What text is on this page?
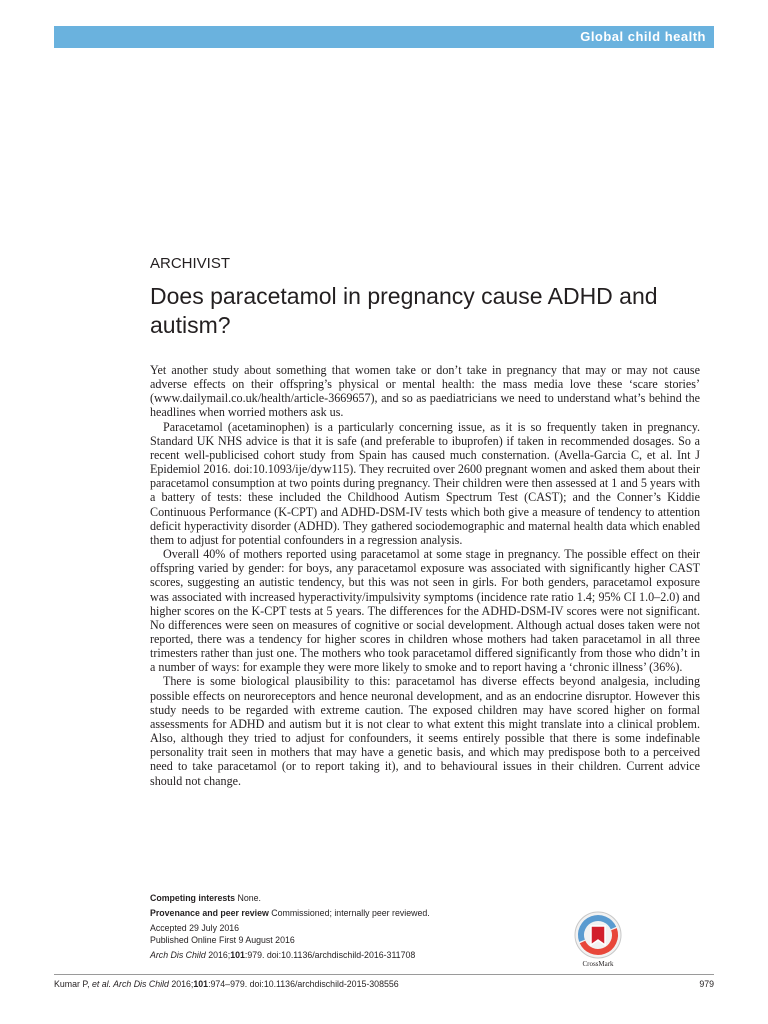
Global child health
ARCHIVIST
Does paracetamol in pregnancy cause ADHD and autism?

Yet another study about something that women take or don’t take in pregnancy that may or may not cause adverse effects on their offspring’s physical or mental health: the mass media love these ‘scare stories’ (www.dailymail.co.uk/health/article-3669657), and so as paediatricians we need to understand what’s behind the headlines when worried mothers ask us.

Paracetamol (acetaminophen) is a particularly concerning issue, as it is so frequently taken in pregnancy. Standard UK NHS advice is that it is safe (and preferable to ibuprofen) if taken in recommended dosages. So a recent well-publicised cohort study from Spain has caused much consternation. (Avella-Garcia C, et al. Int J Epidemiol 2016. doi:10.1093/ije/dyw115). They recruited over 2600 pregnant women and asked them about their paracetamol consumption at two points during pregnancy. Their children were then assessed at 1 and 5 years with a battery of tests: these included the Childhood Autism Spectrum Test (CAST); and the Conner’s Kiddie Continuous Performance (K-CPT) and ADHD-DSM-IV tests which both give a measure of tendency to attention deficit hyperactivity disorder (ADHD). They gathered sociodemographic and maternal health data which enabled them to adjust for potential confounders in a regression analysis.

Overall 40% of mothers reported using paracetamol at some stage in pregnancy. The possible effect on their offspring varied by gender: for boys, any paracetamol exposure was associated with significantly higher CAST scores, suggesting an autistic tendency, but this was not seen in girls. For both genders, paracetamol exposure was associated with increased hyperactivity/impulsivity symptoms (incidence rate ratio 1.4; 95% CI 1.0–2.0) and higher scores on the K-CPT tests at 5 years. The differences for the ADHD-DSM-IV scores were not significant. No differences were seen on measures of cognitive or social development. Although actual doses taken were not reported, there was a tendency for higher scores in children whose mothers had taken paracetamol in all three trimesters rather than just one. The mothers who took paracetamol differed significantly from those who didn’t in a number of ways: for example they were more likely to smoke and to report having a ‘chronic illness’ (36%).

There is some biological plausibility to this: paracetamol has diverse effects beyond analgesia, including possible effects on neuroreceptors and hence neuronal development, and as an endocrine disruptor. However this study needs to be regarded with extreme caution. The exposed children may have scored higher on formal assessments for ADHD and autism but it is not clear to what extent this might translate into a clinical problem. Also, although they tried to adjust for confounders, it seems entirely possible that there is some indefinable personality trait seen in mothers that may have a genetic basis, and which may predispose both to a perceived need to take paracetamol (or to report taking it), and to behavioural issues in their children. Current advice should not change.

Competing interests None.
Provenance and peer review Commissioned; internally peer reviewed.
Accepted 29 July 2016
Published Online First 9 August 2016
Arch Dis Child 2016;101:979. doi:10.1136/archdischild-2016-311708
CrossMark
Kumar P, et al. Arch Dis Child 2016;101:974–979. doi:10.1136/archdischild-2015-308556	979
